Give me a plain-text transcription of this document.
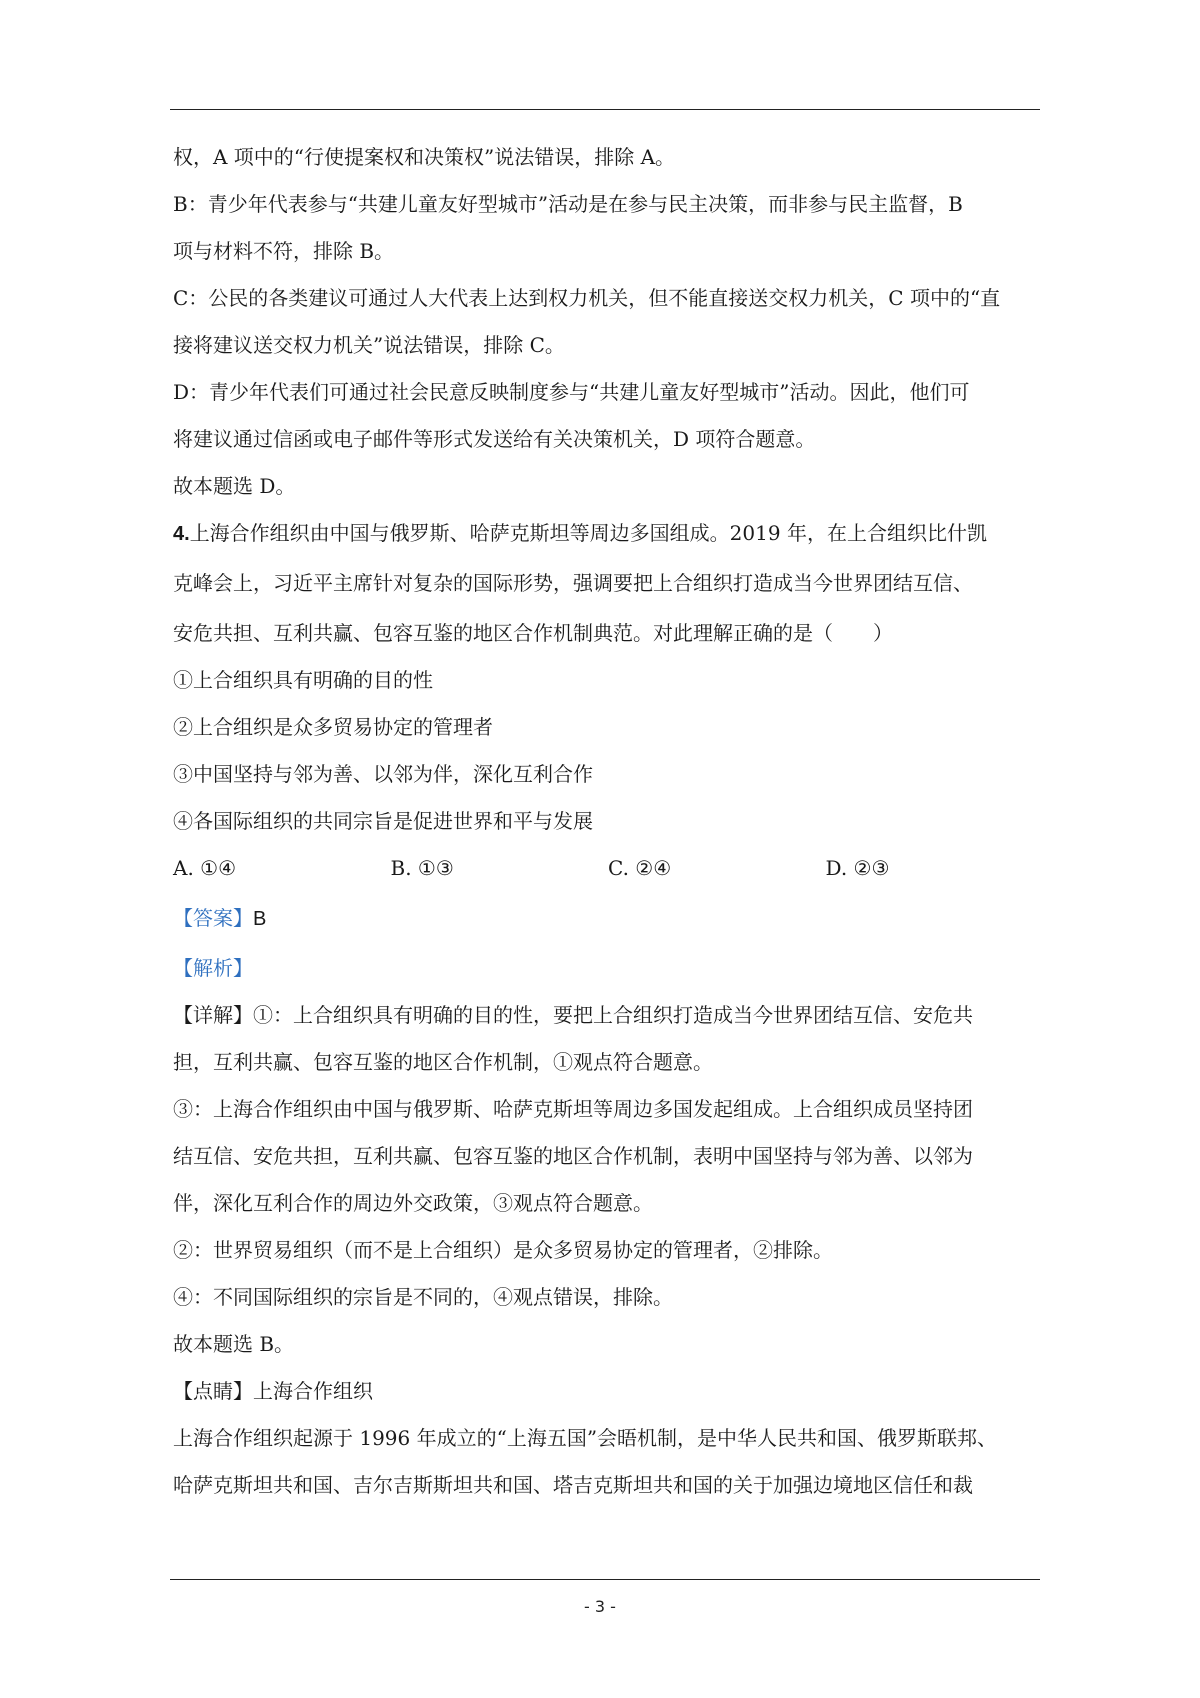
权，A 项中的“行使提案权和决策权”说法错误，排除 A。
B：青少年代表参与“共建儿童友好型城市”活动是在参与民主决策，而非参与民主监督，B
项与材料不符，排除 B。
C：公民的各类建议可通过人大代表上达到权力机关，但不能直接送交权力机关，C 项中的“直
接将建议送交权力机关”说法错误，排除 C。
D：青少年代表们可通过社会民意反映制度参与“共建儿童友好型城市”活动。因此，他们可
将建议通过信函或电子邮件等形式发送给有关决策机关，D 项符合题意。
故本题选 D。
4.上海合作组织由中国与俄罗斯、哈萨克斯坦等周边多国组成。2019 年，在上合组织比什凯
克峰会上，习近平主席针对复杂的国际形势，强调要把上合组织打造成当今世界团结互信、
安危共担、互利共赢、包容互鉴的地区合作机制典范。对此理解正确的是（　　）
①上合组织具有明确的目的性
②上合组织是众多贸易协定的管理者
③中国坚持与邻为善、以邻为伴，深化互利合作
④各国际组织的共同宗旨是促进世界和平与发展
A. ①④	B. ①③	C. ②④	D. ②③
【答案】B
【解析】
【详解】①：上合组织具有明确的目的性，要把上合组织打造成当今世界团结互信、安危共
担，互利共赢、包容互鉴的地区合作机制，①观点符合题意。
③：上海合作组织由中国与俄罗斯、哈萨克斯坦等周边多国发起组成。上合组织成员坚持团
结互信、安危共担，互利共赢、包容互鉴的地区合作机制，表明中国坚持与邻为善、以邻为
伴，深化互利合作的周边外交政策，③观点符合题意。
②：世界贸易组织（而不是上合组织）是众多贸易协定的管理者，②排除。
④：不同国际组织的宗旨是不同的，④观点错误，排除。
故本题选 B。
【点睛】上海合作组织
上海合作组织起源于 1996 年成立的“上海五国”会晤机制，是中华人民共和国、俄罗斯联邦、
哈萨克斯坦共和国、吉尔吉斯斯坦共和国、塔吉克斯坦共和国的关于加强边境地区信任和裁
- 3 -
